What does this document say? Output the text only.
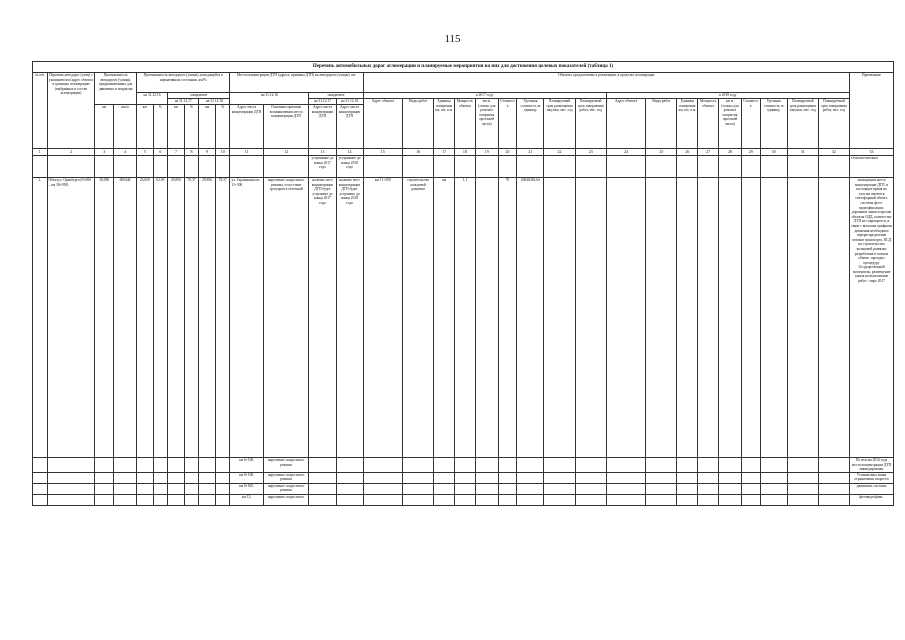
115
Перечень автомобильных дорог агломерации и планируемые мероприятия на них для достижения целевых показателей (таблица 1)																																
№ п/п	Перечень автодорог (улиц) с указанием км (адрес объекта в границах агломерации (выбранных в состав агломерации)	Протяженность автодороги (улицы), предназначенных для движения и покрытия		Протяженность автодороги (улицы), находящейся в нормативном состоянии, км/%						Места концентрации ДТП (адреса, причины ДТП) на автодороги (улицы), шт.				Объекты, предлагаемые к реализации, в пределах агломерации																		Примечание
				на 31.12.16		ожидаемое				на 31.12.16		ожидаемое		в 2017 году									в 2018 году									
						на 31.12.17		на 31.12.18				на 31.12.17	на 31.12.18	Адрес объекта	Виды работ	Единица измерения км, шт, п.м.	Мощность объекта	км м. (только для ремонта покрытия проезжей части)	Стоимость	Удельная стоимость за единицу	Планируемый срок размещения закупки, мес. год	Планируемый срок завершения работ, мес. год	Адрес объекта	Виды работ	Единица измерения км, шт, п.м.	Мощность объекта	км м. (только для ремонта покрытия проезжей части)	Стоимость	Удельная стоимость за единицу	Планируемый срок размещения закупки, мес. год	Планируемый срок завершения работ, мес. год	
		км	км/м	км	%	км	%	км	%	Адрес места концентрации ДТП	Основные причины возникновения места концентрации ДТП	Адрес места концентрации ДТП	Адрес места концентрации ДТП																			
1	2	3	4	5	6	7	8	9	10	11	12	13	14	15	16	17	18	19	20	21	22	23	24	25	26	27	28	29	30	31	32	33
												устранение до конца 2017 года	устранение до конца 2018 года																			технологическим
2.	Объезд г. Оренбурга (0+000 – км 38+950)	38,090	609440	23,650	62,09	29,850	78,37	29,850	78,37	ул. Гаранькина км 11+500	нарушение скоростного режима, отсутствие тротуаров в отчетный	наличие мест концентрации ДТП будет устранено до конца 2017 года	наличие мест концентрации ДТП будет устранено до конца 2018 года	км 11+500	строительство кольцевой развязки	км	1,1		70	63636363,64												ликвидации места концентрации ДТП, в настоящее время на участке имеются светофорный объект, системы фото-видеофиксации, дорожные знаки и прочие объекты ОДД, количество ДТП не сокращается, в связи с высоким трафиком движения необходимо перераспределение потоков транспорта, ПСД на строительство кольцевой развязки разработана в полном объеме, проходит процедуру Государственной экспертизы, размещение заказа на выполнение работ - март 2017
										км 6+100,	нарушение скоростного режима																					По итогам 2016 года места концентрации ДТП ликвидированы.
										км 8+100,	нарушение скоростного режима																					Установлены знаки ограничения скорости
										км 8+825,	нарушение скоростного режима																					движения, системы
										км 13,	нарушение скоростного																					фотовидеофикс.
